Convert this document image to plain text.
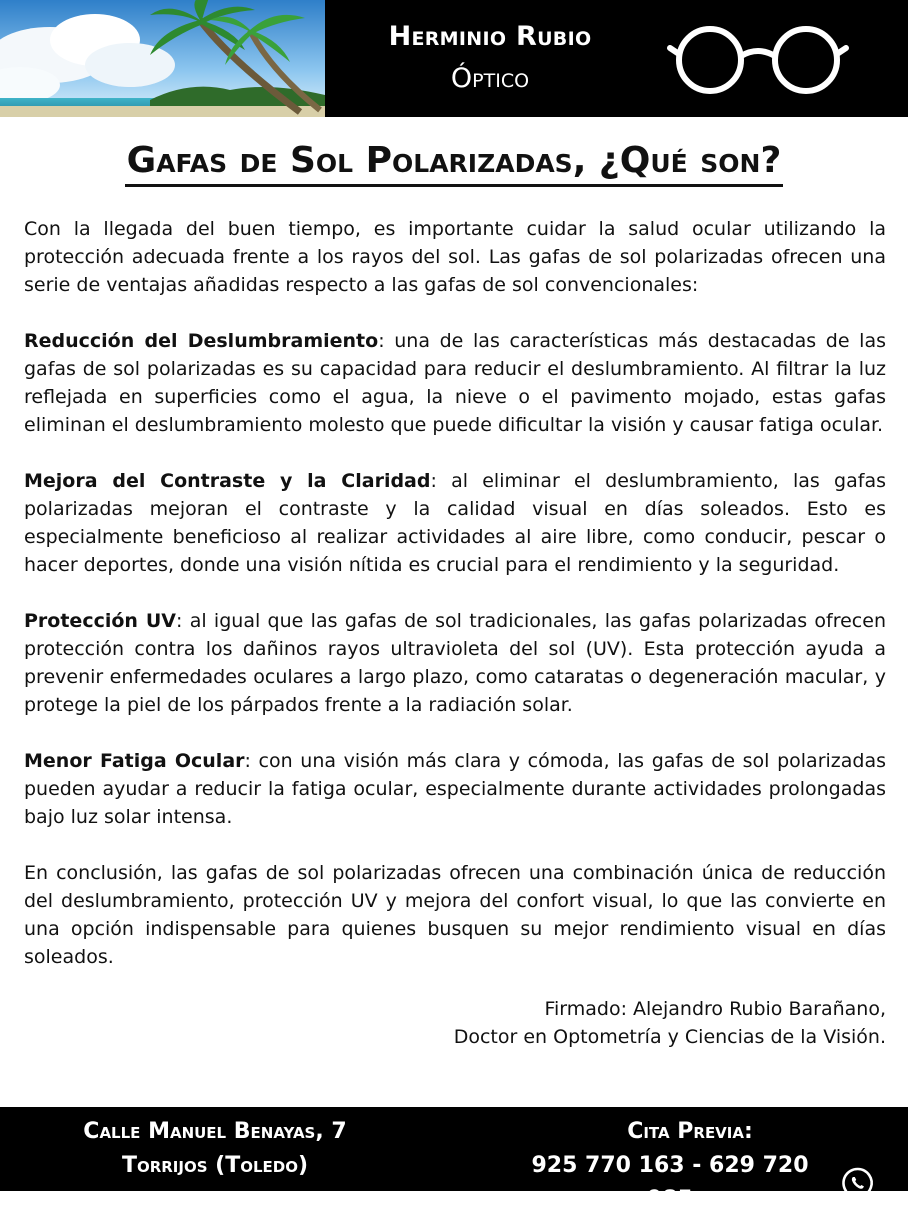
Herminio Rubio
Óptico
Gafas de Sol Polarizadas, ¿Qué son?

Con la llegada del buen tiempo, es importante cuidar la salud ocular utilizando la protección adecuada frente a los rayos del sol. Las gafas de sol polarizadas ofrecen una serie de ventajas añadidas respecto a las gafas de sol convencionales:

Reducción del Deslumbramiento: una de las características más destacadas de las gafas de sol polarizadas es su capacidad para reducir el deslumbramiento. Al filtrar la luz reflejada en superficies como el agua, la nieve o el pavimento mojado, estas gafas eliminan el deslumbramiento molesto que puede dificultar la visión y causar fatiga ocular.

Mejora del Contraste y la Claridad: al eliminar el deslumbramiento, las gafas polarizadas mejoran el contraste y la calidad visual en días soleados. Esto es especialmente beneficioso al realizar actividades al aire libre, como conducir, pescar o hacer deportes, donde una visión nítida es crucial para el rendimiento y la seguridad.

Protección UV: al igual que las gafas de sol tradicionales, las gafas polarizadas ofrecen protección contra los dañinos rayos ultravioleta del sol (UV). Esta protección ayuda a prevenir enfermedades oculares a largo plazo, como cataratas o degeneración macular, y protege la piel de los párpados frente a la radiación solar.

Menor Fatiga Ocular: con una visión más clara y cómoda, las gafas de sol polarizadas pueden ayudar a reducir la fatiga ocular, especialmente durante actividades prolongadas bajo luz solar intensa.

En conclusión, las gafas de sol polarizadas ofrecen una combinación única de reducción del deslumbramiento, protección UV y mejora del confort visual, lo que las convierte en una opción indispensable para quienes busquen su mejor rendimiento visual en días soleados.

Firmado: Alejandro Rubio Barañano,
Doctor en Optometría y Ciencias de la Visión.
Calle Manuel Benayas, 7
Torrijos (Toledo)
Cita Previa:
925 770 163 - 629 720 985
